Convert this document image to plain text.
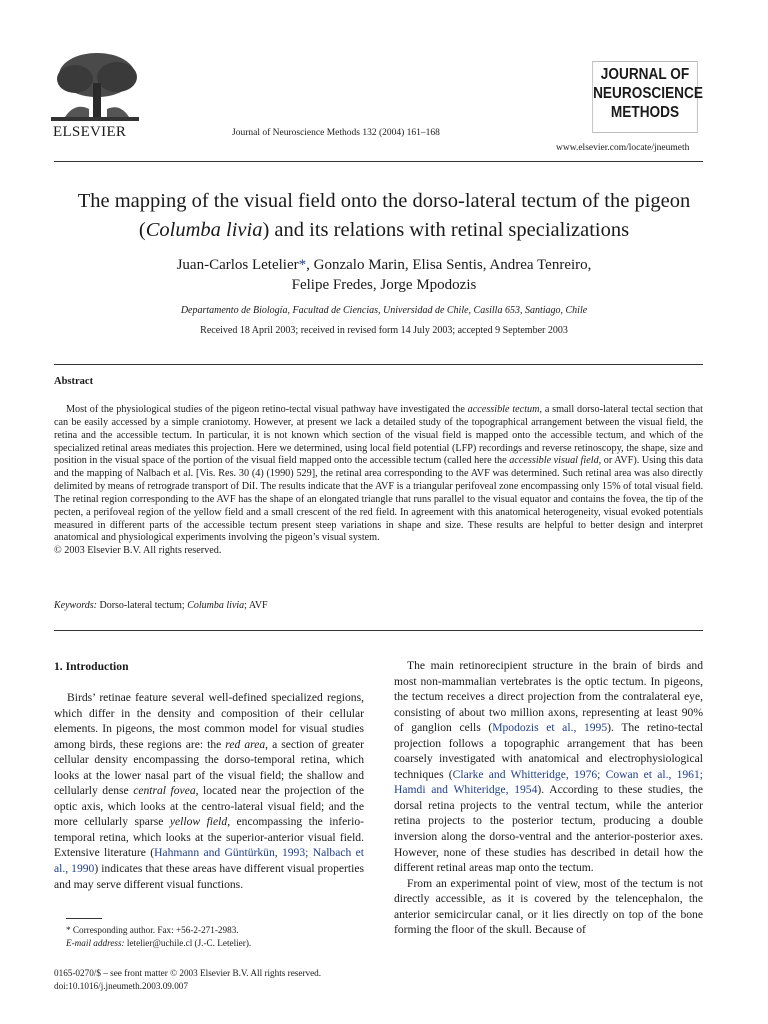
ELSEVIER	Journal of Neuroscience Methods 132 (2004) 161–168
JOURNAL OF
NEUROSCIENCE
METHODS
www.elsevier.com/locate/jneumeth
The mapping of the visual field onto the dorso-lateral tectum of the pigeon (Columba livia) and its relations with retinal specializations
Juan-Carlos Letelier*, Gonzalo Marin, Elisa Sentis, Andrea Tenreiro,
Felipe Fredes, Jorge Mpodozis
Departamento de Biología, Facultad de Ciencias, Universidad de Chile, Casilla 653, Santiago, Chile
Received 18 April 2003; received in revised form 14 July 2003; accepted 9 September 2003
Abstract

Most of the physiological studies of the pigeon retino-tectal visual pathway have investigated the accessible tectum, a small dorso-lateral tectal section that can be easily accessed by a simple craniotomy. However, at present we lack a detailed study of the topographical arrangement between the visual field, the retina and the accessible tectum. In particular, it is not known which section of the visual field is mapped onto the accessible tectum, and which of the specialized retinal areas mediates this projection. Here we determined, using local field potential (LFP) recordings and reverse retinoscopy, the shape, size and position in the visual space of the portion of the visual field mapped onto the accessible tectum (called here the accessible visual field, or AVF). Using this data and the mapping of Nalbach et al. [Vis. Res. 30 (4) (1990) 529], the retinal area corresponding to the AVF was determined. Such retinal area was also directly delimited by means of retrograde transport of DiI. The results indicate that the AVF is a triangular perifoveal zone encompassing only 15% of total visual field. The retinal region corresponding to the AVF has the shape of an elongated triangle that runs parallel to the visual equator and contains the fovea, the tip of the pecten, a perifoveal region of the yellow field and a small crescent of the red field. In agreement with this anatomical heterogeneity, visual evoked potentials measured in different parts of the accessible tectum present steep variations in shape and size. These results are helpful to better design and interpret anatomical and physiological experiments involving the pigeon’s visual system.

© 2003 Elsevier B.V. All rights reserved.

Keywords: Dorso-lateral tectum; Columba livia; AVF
1. Introduction

Birds’ retinae feature several well-defined specialized regions, which differ in the density and composition of their cellular elements. In pigeons, the most common model for visual studies among birds, these regions are: the red area, a section of greater cellular density encompassing the dorso-temporal retina, which looks at the lower nasal part of the visual field; the shallow and cellularly dense central fovea, located near the projection of the optic axis, which looks at the centro-lateral visual field; and the more cellularly sparse yellow field, encompassing the inferio-temporal retina, which looks at the superior-anterior visual field. Extensive literature (Hahmann and Güntürkün, 1993; Nalbach et al., 1990) indicates that these areas have different visual properties and may serve different visual functions.

* Corresponding author. Fax: +56-2-271-2983.
E-mail address: letelier@uchile.cl (J.-C. Letelier).
0165-0270/$ – see front matter © 2003 Elsevier B.V. All rights reserved.
doi:10.1016/j.jneumeth.2003.09.007

The main retinorecipient structure in the brain of birds and most non-mammalian vertebrates is the optic tectum. In pigeons, the tectum receives a direct projection from the contralateral eye, consisting of about two million axons, representing at least 90% of ganglion cells (Mpodozis et al., 1995). The retino-tectal projection follows a topographic arrangement that has been coarsely investigated with anatomical and electrophysiological techniques (Clarke and Whitteridge, 1976; Cowan et al., 1961; Hamdi and Whiteridge, 1954). According to these studies, the dorsal retina projects to the ventral tectum, while the anterior retina projects to the posterior tectum, producing a double inversion along the dorso-ventral and the anterior-posterior axes. However, none of these studies has described in detail how the different retinal areas map onto the tectum.

From an experimental point of view, most of the tectum is not directly accessible, as it is covered by the telencephalon, the anterior semicircular canal, or it lies directly on top of the bone forming the floor of the skull. Because of
